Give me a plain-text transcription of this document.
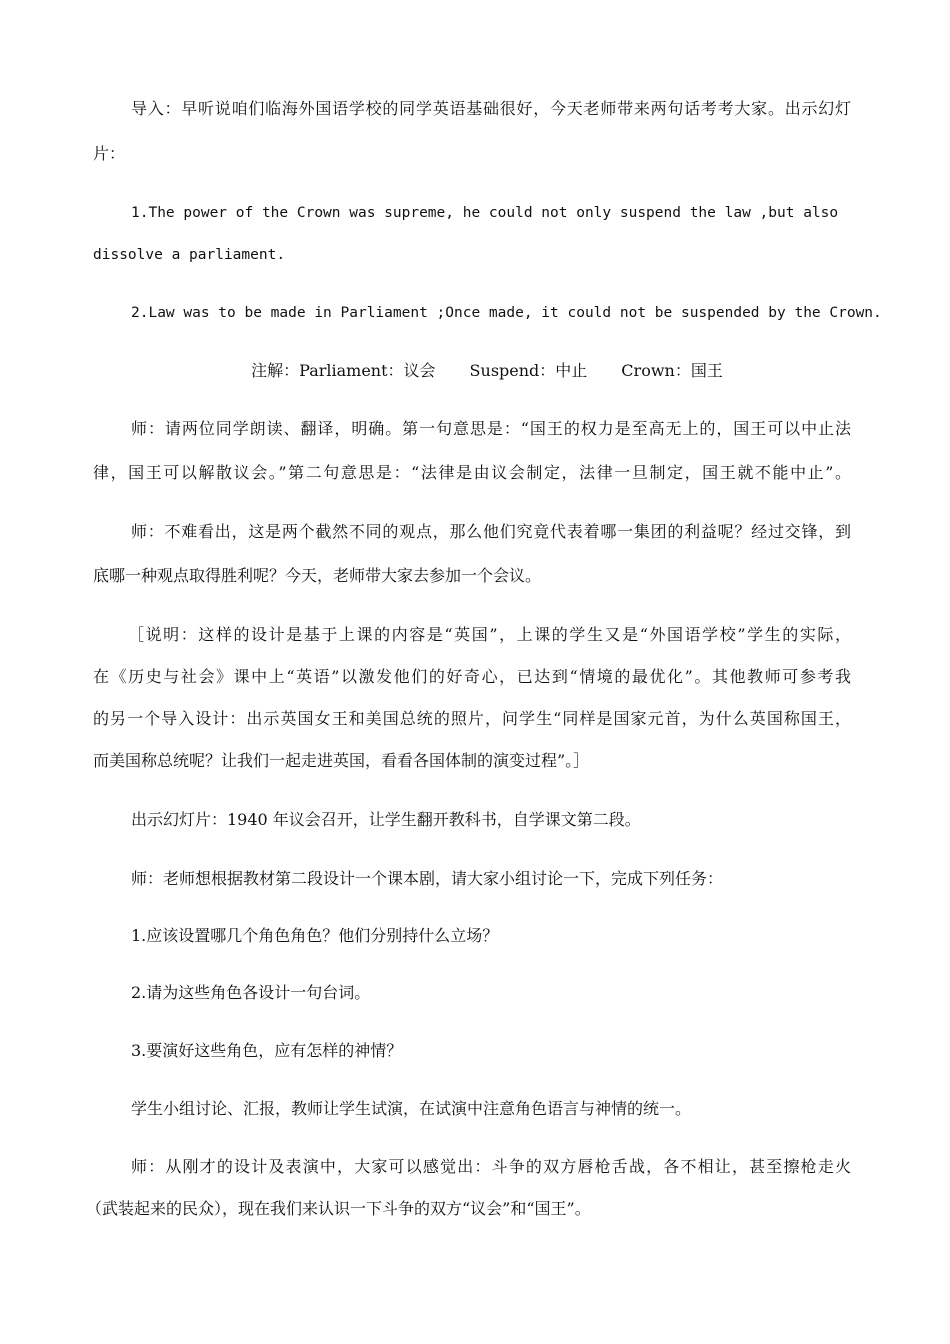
导入：早听说咱们临海外国语学校的同学英语基础很好，今天老师带来两句话考考大家。出示幻灯
片：
1.The power of the Crown was supreme, he could not only suspend the law ,but also
dissolve a parliament.
2.Law was to be made in Parliament ;Once made, it could not be suspended by the Crown.
注解：Parliament：议会 Suspend：中止 Crown：国王
师：请两位同学朗读、翻译，明确。第一句意思是：“国王的权力是至高无上的，国王可以中止法
律，国王可以解散议会。”第二句意思是：“法律是由议会制定，法律一旦制定，国王就不能中止”。
师：不难看出，这是两个截然不同的观点，那么他们究竟代表着哪一集团的利益呢？经过交锋，到
底哪一种观点取得胜利呢？今天，老师带大家去参加一个会议。
［说明：这样的设计是基于上课的内容是“英国”，上课的学生又是“外国语学校”学生的实际，
在《历史与社会》课中上“英语”以激发他们的好奇心，已达到“情境的最优化”。其他教师可参考我
的另一个导入设计：出示英国女王和美国总统的照片，问学生“同样是国家元首，为什么英国称国王，
而美国称总统呢？让我们一起走进英国，看看各国体制的演变过程”。］
出示幻灯片：1940 年议会召开，让学生翻开教科书，自学课文第二段。
师：老师想根据教材第二段设计一个课本剧，请大家小组讨论一下，完成下列任务：
1.应该设置哪几个角色角色？他们分别持什么立场？
2.请为这些角色各设计一句台词。
3.要演好这些角色，应有怎样的神情？
学生小组讨论、汇报，教师让学生试演，在试演中注意角色语言与神情的统一。
师：从刚才的设计及表演中，大家可以感觉出：斗争的双方唇枪舌战，各不相让，甚至擦枪走火
（武装起来的民众），现在我们来认识一下斗争的双方“议会”和“国王”。
